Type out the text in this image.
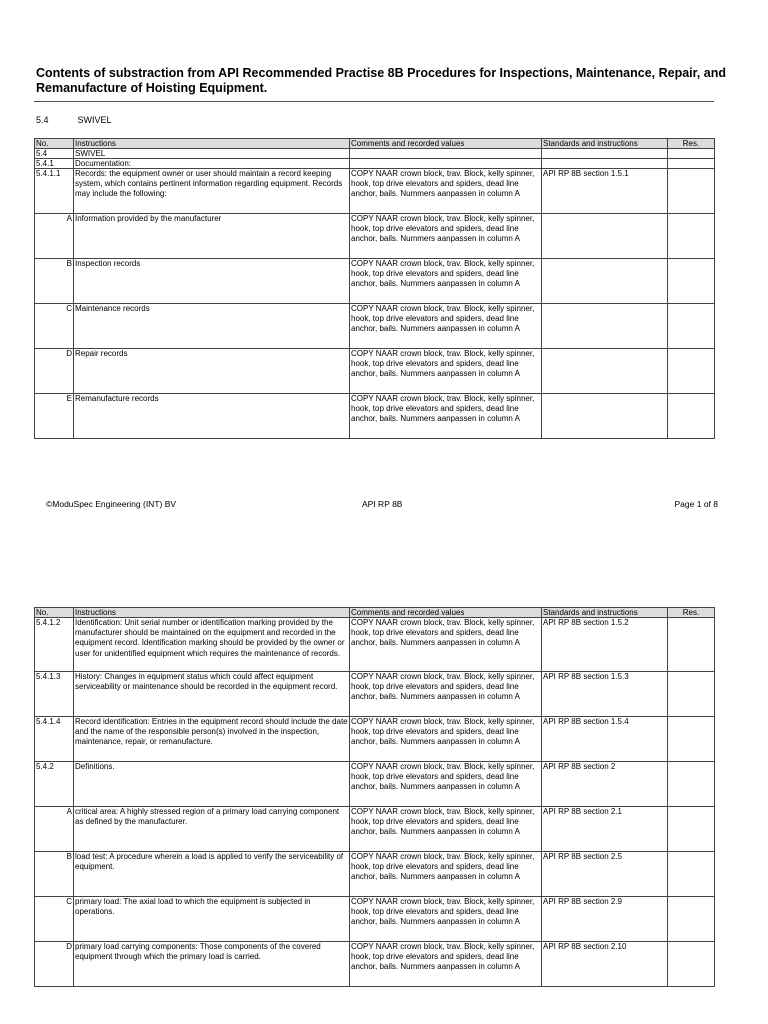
Contents of substraction from API Recommended Practise 8B Procedures for Inspections, Maintenance, Repair, and Remanufacture of Hoisting Equipment.
5.4	SWIVEL
No.	Instructions	Comments and recorded values	Standards and instructions	Res.
5.4	SWIVEL			
5.4.1	Documentation:			
5.4.1.1	Records: the equipment owner or user should maintain a record keeping system, which contains pertinent information regarding equipment. Records may include the following:	COPY NAAR crown block, trav. Block, kelly spinner, hook, top drive elevators and spiders, dead line anchor, bails. Nummers aanpassen in column A	API RP 8B section 1.5.1	
A	Information provided by the manufacturer	COPY NAAR crown block, trav. Block, kelly spinner, hook, top drive elevators and spiders, dead line anchor, bails. Nummers aanpassen in column A		
B	Inspection records	COPY NAAR crown block, trav. Block, kelly spinner, hook, top drive elevators and spiders, dead line anchor, bails. Nummers aanpassen in column A		
C	Maintenance records	COPY NAAR crown block, trav. Block, kelly spinner, hook, top drive elevators and spiders, dead line anchor, bails. Nummers aanpassen in column A		
D	Repair records	COPY NAAR crown block, trav. Block, kelly spinner, hook, top drive elevators and spiders, dead line anchor, bails. Nummers aanpassen in column A		
E	Remanufacture records	COPY NAAR crown block, trav. Block, kelly spinner, hook, top drive elevators and spiders, dead line anchor, bails. Nummers aanpassen in column A		
©ModuSpec Engineering (INT) BV	API RP 8B	Page 1 of 8
No.	Instructions	Comments and recorded values	Standards and instructions	Res.
5.4.1.2	Identification: Unit serial number or identification marking provided by the manufacturer should be maintained on the equipment and recorded in the equipment record. Identification marking should be provided by the owner or user for unidentified equipment which requires the maintenance of records.	COPY NAAR crown block, trav. Block, kelly spinner, hook, top drive elevators and spiders, dead line anchor, bails. Nummers aanpassen in column A	API RP 8B section 1.5.2	
5.4.1.3	History: Changes in equipment status which could affect equipment serviceability or maintenance should be recorded in the equipment record.	COPY NAAR crown block, trav. Block, kelly spinner, hook, top drive elevators and spiders, dead line anchor, bails. Nummers aanpassen in column A	API RP 8B section 1.5.3	
5.4.1.4	Record identification: Entries in the equipment record should include the date and the name of the responsible person(s) involved in the inspection, maintenance, repair, or remanufacture.	COPY NAAR crown block, trav. Block, kelly spinner, hook, top drive elevators and spiders, dead line anchor, bails. Nummers aanpassen in column A	API RP 8B section 1.5.4	
5.4.2	Definitions.	COPY NAAR crown block, trav. Block, kelly spinner, hook, top drive elevators and spiders, dead line anchor, bails. Nummers aanpassen in column A	API RP 8B section 2	
A	critical area: A highly stressed region of a primary load carrying component as defined by the manufacturer.	COPY NAAR crown block, trav. Block, kelly spinner, hook, top drive elevators and spiders, dead line anchor, bails. Nummers aanpassen in column A	API RP 8B section 2.1	
B	load test: A procedure wherein a load is applied to verify the serviceability of equipment.	COPY NAAR crown block, trav. Block, kelly spinner, hook, top drive elevators and spiders, dead line anchor, bails. Nummers aanpassen in column A	API RP 8B section 2.5	
C	primary load: The axial load to which the equipment is subjected in operations.	COPY NAAR crown block, trav. Block, kelly spinner, hook, top drive elevators and spiders, dead line anchor, bails. Nummers aanpassen in column A	API RP 8B section 2.9	
D	primary load carrying components: Those components of the covered equipment through which the primary load is carried.	COPY NAAR crown block, trav. Block, kelly spinner, hook, top drive elevators and spiders, dead line anchor, bails. Nummers aanpassen in column A	API RP 8B section 2.10	
